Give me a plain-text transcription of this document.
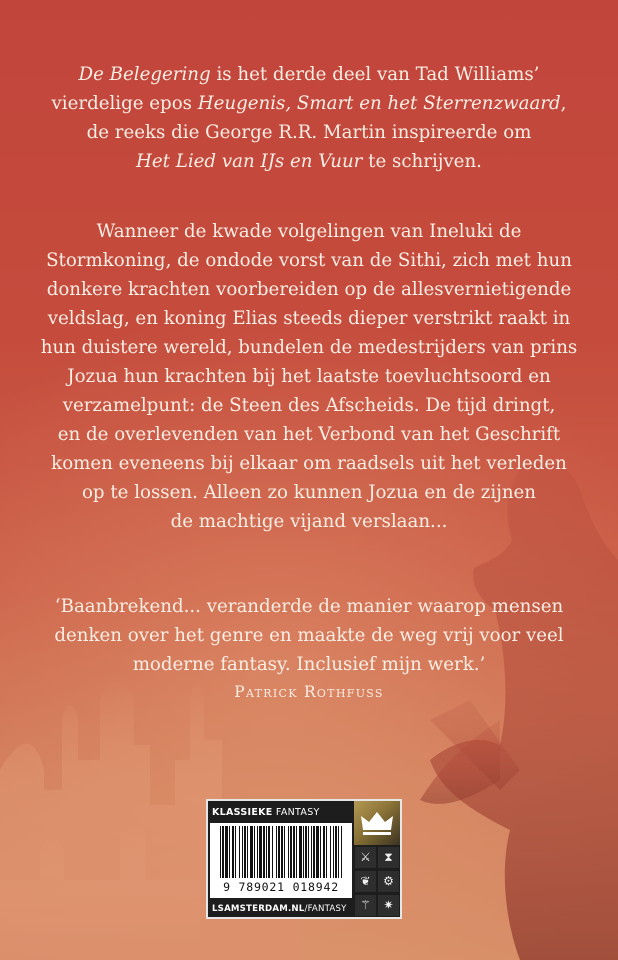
De Belegering is het derde deel van Tad Williams’
vierdelige epos Heugenis, Smart en het Sterrenzwaard,
de reeks die George R.R. Martin inspireerde om
Het Lied van IJs en Vuur te schrijven.
Wanneer de kwade volgelingen van Ineluki de
Stormkoning, de ondode vorst van de Sithi, zich met hun
donkere krachten voorbereiden op de allesvernietigende
veldslag, en koning Elias steeds dieper verstrikt raakt in
hun duistere wereld, bundelen de medestrijders van prins
Jozua hun krachten bij het laatste toevluchtsoord en
verzamelpunt: de Steen des Afscheids. De tijd dringt,
en de overlevenden van het Verbond van het Geschrift
komen eveneens bij elkaar om raadsels uit het verleden
op te lossen. Alleen zo kunnen Jozua en de zijnen
de machtige vijand verslaan...
‘Baanbrekend... veranderde de manier waarop mensen
denken over het genre en maakte de weg vrij voor veel
moderne fantasy. Inclusief mijn werk.’
Patrick Rothfuss
KLASSIEKE FANTASY
9 789021 018942
LSAMSTERDAM.NL/FANTASY
⚔	⧗
❦	⚙
⚚	✷
